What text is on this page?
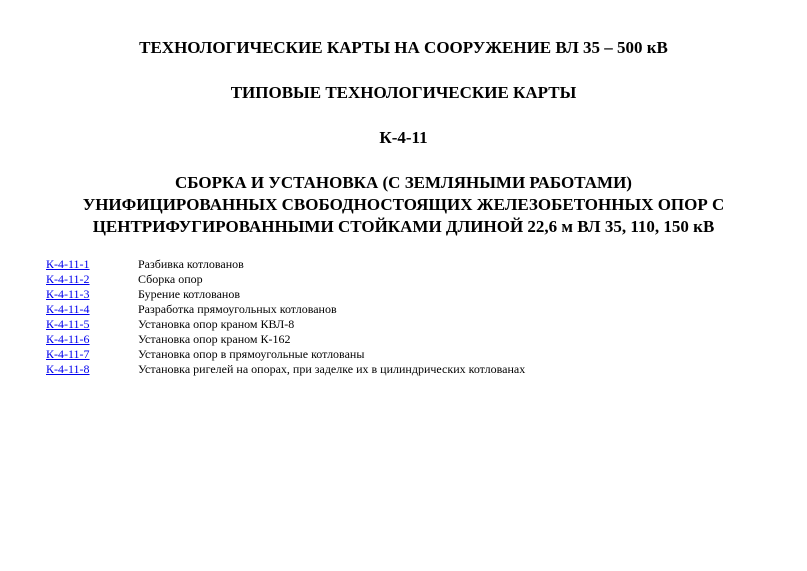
ТЕХНОЛОГИЧЕСКИЕ КАРТЫ НА СООРУЖЕНИЕ ВЛ 35 – 500 кВ
ТИПОВЫЕ ТЕХНОЛОГИЧЕСКИЕ КАРТЫ
К-4-11
СБОРКА И УСТАНОВКА (С ЗЕМЛЯНЫМИ РАБОТАМИ)
УНИФИЦИРОВАННЫХ СВОБОДНОСТОЯЩИХ ЖЕЛЕЗОБЕТОННЫХ ОПОР С
ЦЕНТРИФУГИРОВАННЫМИ СТОЙКАМИ ДЛИНОЙ 22,6 м ВЛ 35, 110, 150 кВ
К-4-11-1	Разбивка котлованов
К-4-11-2	Сборка опор
К-4-11-3	Бурение котлованов
К-4-11-4	Разработка прямоугольных котлованов
К-4-11-5	Установка опор краном КВЛ-8
К-4-11-6	Установка опор краном К-162
К-4-11-7	Установка опор в прямоугольные котлованы
К-4-11-8	Установка ригелей на опорах, при заделке их в цилиндрических котлованах
